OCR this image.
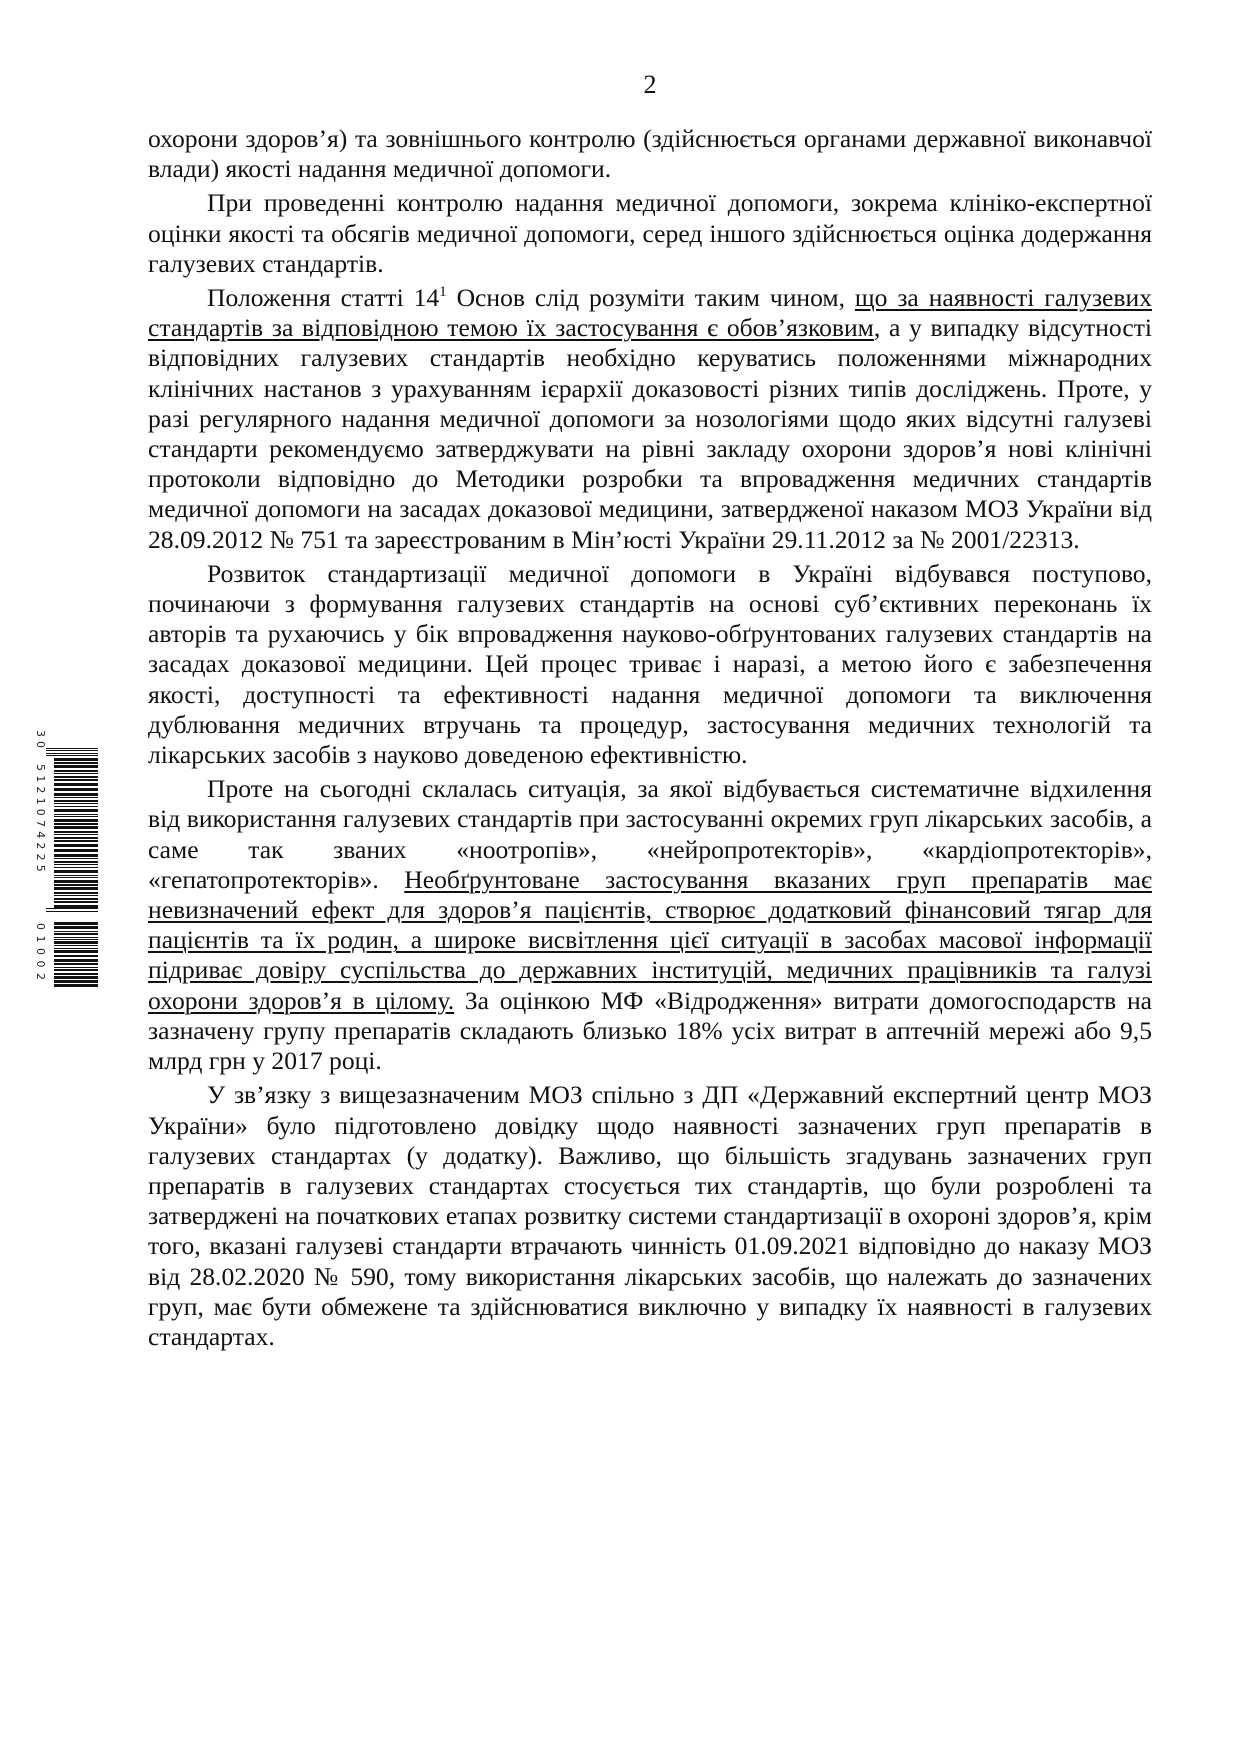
2
3
0
5
1
2
1
0
7
4
2
2
5
0
1
0
0
2

охорони здоров’я) та зовнішнього контролю (здійснюється органами державної виконавчої влади) якості надання медичної допомоги.

При проведенні контролю надання медичної допомоги, зокрема клініко-експертної оцінки якості та обсягів медичної допомоги, серед іншого здійснюється оцінка додержання галузевих стандартів.

Положення статті $14^1$ Основ слід розуміти таким чином, що за наявності галузевих стандартів за відповідною темою їх застосування є обов’язковим, а у випадку відсутності відповідних галузевих стандартів необхідно керуватись положеннями міжнародних клінічних настанов з урахуванням ієрархії доказовості різних типів досліджень. Проте, у разі регулярного надання медичної допомоги за нозологіями щодо яких відсутні галузеві стандарти рекомендуємо затверджувати на рівні закладу охорони здоров’я нові клінічні протоколи відповідно до Методики розробки та впровадження медичних стандартів медичної допомоги на засадах доказової медицини, затвердженої наказом МОЗ України від 28.09.2012 № 751 та зареєстрованим в Мін’юсті України 29.11.2012 за № 2001/22313.

Розвиток стандартизації медичної допомоги в Україні відбувався поступово, починаючи з формування галузевих стандартів на основі суб’єктивних переконань їх авторів та рухаючись у бік впровадження науково-обґрунтованих галузевих стандартів на засадах доказової медицини. Цей процес триває і наразі, а метою його є забезпечення якості, доступності та ефективності надання медичної допомоги та виключення дублювання медичних втручань та процедур, застосування медичних технологій та лікарських засобів з науково доведеною ефективністю.

Проте на сьогодні склалась ситуація, за якої відбувається систематичне відхилення від використання галузевих стандартів при застосуванні окремих груп лікарських засобів, а саме так званих «ноотропів», «нейропротекторів», «кардіопротекторів», «гепатопротекторів». Необґрунтоване застосування вказаних груп препаратів має невизначений ефект для здоров’я пацієнтів, створює додатковий фінансовий тягар для пацієнтів та їх родин, а широке висвітлення цієї ситуації в засобах масової інформації підриває довіру суспільства до державних інституцій, медичних працівників та галузі охорони здоров’я в цілому. За оцінкою МФ «Відродження» витрати домогосподарств на зазначену групу препаратів складають близько 18% усіх витрат в аптечній мережі або 9,5 млрд грн у 2017 році.

У зв’язку з вищезазначеним МОЗ спільно з ДП «Державний експертний центр МОЗ України» було підготовлено довідку щодо наявності зазначених груп препаратів в галузевих стандартах (у додатку). Важливо, що більшість згадувань зазначених груп препаратів в галузевих стандартах стосується тих стандартів, що були розроблені та затверджені на початкових етапах розвитку системи стандартизації в охороні здоров’я, крім того, вказані галузеві стандарти втрачають чинність 01.09.2021 відповідно до наказу МОЗ від 28.02.2020 № 590, тому використання лікарських засобів, що належать до зазначених груп, має бути обмежене та здійснюватися виключно у випадку їх наявності в галузевих стандартах.
